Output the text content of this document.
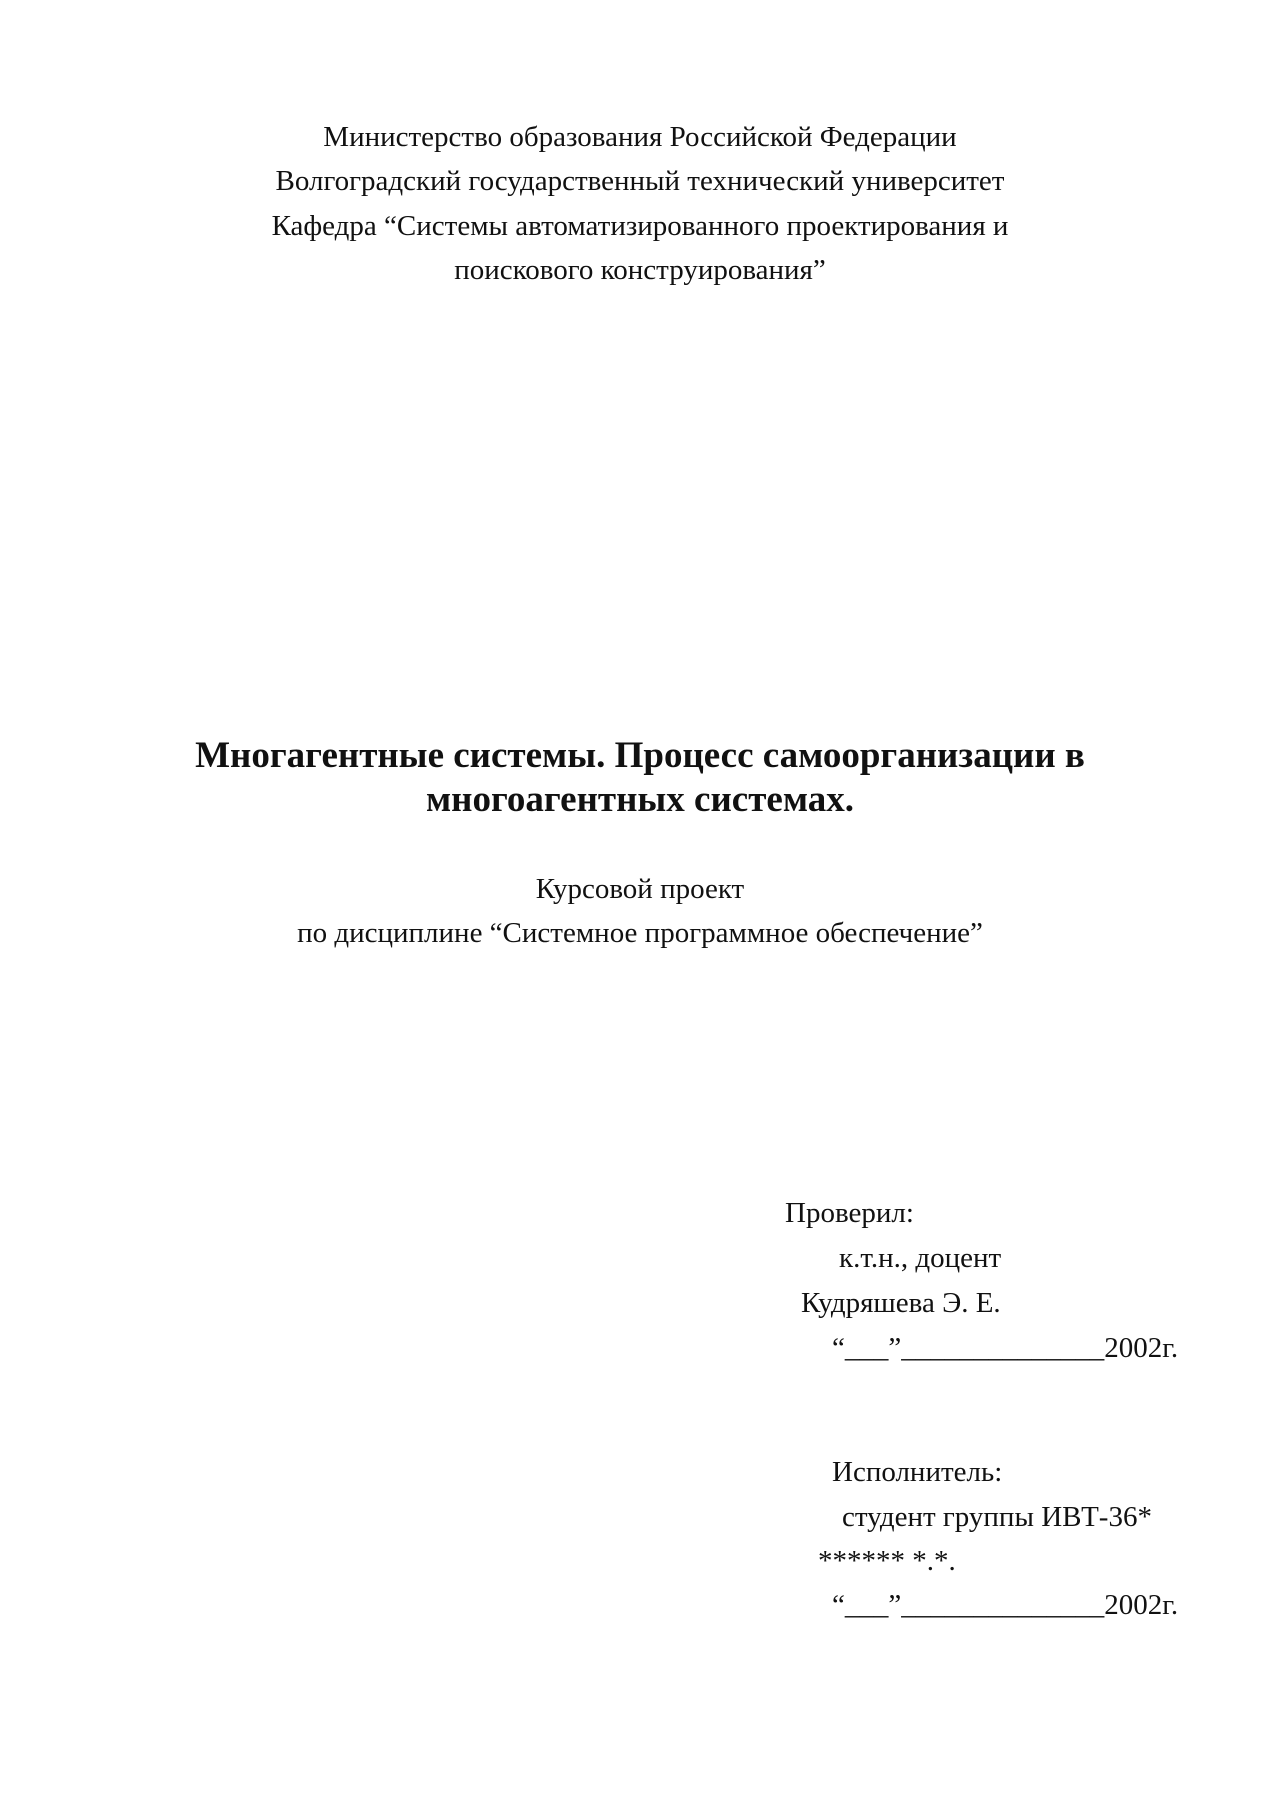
Министерство образования Российской Федерации
Волгоградский государственный технический университет
Кафедра “Системы автоматизированного проектирования и
поискового конструирования”
Многагентные системы. Процесс самоорганизации в
многоагентных системах.
Курсовой проект
по дисциплине “Системное программное обеспечение”
Проверил:
к.т.н., доцент
Кудряшева Э. Е.
“___”______________2002г.
Исполнитель:
студент группы ИВТ-36*
****** *.*.
“___”______________2002г.
